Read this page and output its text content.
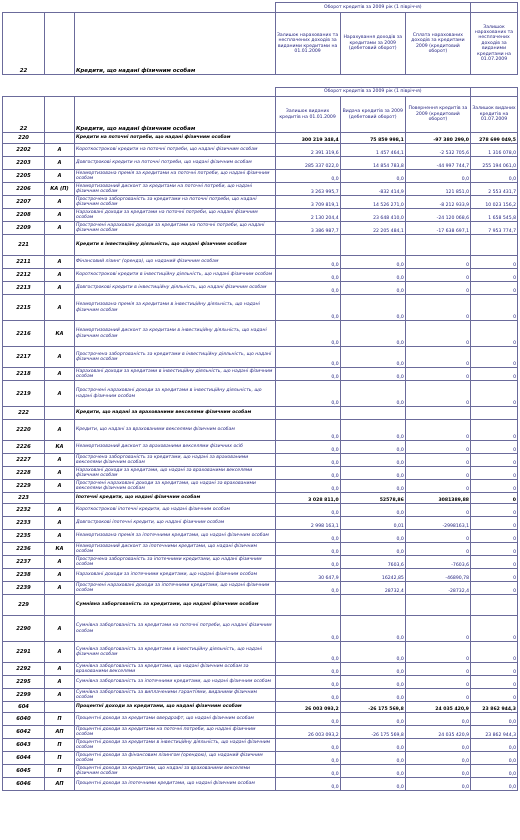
			Оборот кредитів за 2009 рік (1 півріччя)			
22		Кредити, що надані фізичним особам	Залишок нарахованих та несплачених доходів за виданими кредитами на 01.01.2009	Нарахування доходів за кредитами за 2009 (дебетовий оборот)	Сплата нарахованих доходів за кредитами 2009 (кредитовий оборот)	Залишок нарахованих та несплачених доходів за виданими кредитами на 01.07.2009
			Оборот кредитів за 2009 рік (1 півріччя)			
22		Кредити, що надані фізичним особам	Залишок виданих кредитів на 01.01.2009	Видача кредитів за 2009 (дебетовий оборот)	Повернення кредитів за 2009 (кредитовий оборот)	Залишок виданих кредитів на 01.07.2009
220		Кредити на поточні потреби, що надані фізичним особам	300 219 348,4	75 859 998,1	-97 380 299,0	278 699 049,5
2202	А	Короткострокові кредити на поточні потреби, що надані фізичним особам	2 391 319,6	1 457 464,1	-2 532 705,6	1 316 078,0
2203	А	Довгострокові кредити на поточні потреби, що надані фізичним особам	285 337 022,0	14 854 783,8	-44 997 744,7	255 194 061,0
2205	А	Неамортизована премія за кредитами на поточні потреби, що надані фізичним особам	0,0	0,0	0,0	0,0
2206	КА (П)	Неамортизований дисконт за кредитами на поточні потреби, що надані фізичним особам	3 263 995,7	-832 414,9	121 851,0	2 553 431,7
2207	А	Прострочена заборгованість за кредитами на поточні потреби, що надані фізичним особам	3 709 819,1	14 526 271,0	-8 212 933,9	10 023 156,2
2208	А	Нараховані доходи за кредитами на поточні потреби, що надані фізичним особам	2 130 204,4	23 648 410,0	-24 120 068,6	1 658 545,8
2209	А	Прострочені нараховані доходи за кредитами на поточні потреби, що надані фізичним особам	3 386 987,7	22 205 484,1	-17 638 697,1	7 953 774,7
221		Кредити в інвестиційну діяльність, що надані фізичним особам				
2211	А	Фінансовий лізинг (оренда), що наданий фізичним особам	0,0	0,0	0	0
2212	А	Короткострокові кредити в інвестиційну діяльність, що надані фізичним особам	0,0	0,0	0	0
2213	А	Довгострокові кредити в інвестиційну діяльність, що надані фізичним особам	0,0	0,0	0	0
2215	А	Неамортизована премія за кредитами в інвестиційну діяльність, що надані фізичним особам	0,0	0,0	0	0
2216	КА	Неамортизований дисконт за кредитами в інвестиційну діяльність, що надані фізичним особам	0,0	0,0	0	0
2217	А	Прострочена заборгованість за кредитами в інвестиційну діяльність, що надані фізичним особам	0,0	0,0	0	0
2218	А	Нараховані доходи за кредитами в інвестиційну діяльність, що надані фізичним особам	0,0	0,0	0	0
2219	А	Прострочені нараховані доходи за кредитами в інвестиційну діяльність, що надані фізичним особам	0,0	0,0	0	0
222		Кредити, що надані за врахованими векселями фізичним особам				
2220	А	Кредити, що надані за врахованими векселями фізичним особам	0,0	0,0	0	0
2226	КА	Неамортизований дисконт за врахованими векселями фізичних осіб	0,0	0,0	0	0
2227	А	Прострочена заборгованість за кредитами, що надані за врахованими векселями фізичним особам	0,0	0,0	0	0
2228	А	Нараховані доходи за кредитами, що надані за врахованими векселями фізичним особам	0,0	0,0	0	0
2229	А	Прострочені нараховані доходи за кредитами, що надані за врахованими векселями фізичним особам	0,0	0,0	0	0
223		Іпотечні кредити, що надані фізичним особам	3 028 811,0	52578,86	3081389,88	0
2232	А	Короткострокові іпотечні кредити, що надані фізичним особам	0,0	0,0	0	0
2233	А	Довгострокові іпотечні кредити, що надані фізичним особам	2 998 163,1	0,01	-2998163,1	0
2235	А	Неамортизована премія за іпотечними кредитами, що надані фізичним особам	0,0	0,0	0	0
2236	КА	Неамортизований дисконт за іпотечними кредитами, що надані фізичним особам	0,0	0,0	0	0
2237	А	Прострочена заборгованість за іпотечними кредитами, що надані фізичним особам	0,0	7603,6	-7603,6	0
2238	А	Нараховані доходи за іпотечними кредитами, що надані фізичним особам	30 647,9	16242,85	-46890,78	0
2239	А	Прострочені нараховані доходи за іпотечними кредитами, що надані фізичним особам	0,0	28732,4	-28732,4	0
229		Сумнівна заборгованість за кредитами, що надані фізичним особам				
2290	А	Сумнівна заборгованість за кредитами на поточні потреби, що надані фізичним особам	0,0	0,0	0	0
2291	А	Сумнівна заборгованість за кредитами в інвестиційну діяльність, що надані фізичним особам	0,0	0,0	0	0
2292	А	Сумнівна заборгованість за кредитами, що надані фізичним особам за врахованими векселями	0,0	0,0	0	0
2295	А	Сумнівна заборгованість за іпотечними кредитами, що надані фізичним особам	0,0	0,0	0	0
2299	А	Сумнівна заборгованість за виплаченими гарантіями, виданими фізичним особам	0,0	0,0	0	0
604		Процентні доходи за кредитами, що надані фізичним особам	26 003 093,2	-26 175 569,8	24 035 420,9	23 862 944,3
6040	П	Процентні доходи за кредитами овердрафт, що надані фізичним особам	0,0	0,0	0,0	0,0
6042	АП	Процентні доходи за кредитами на поточні потреби, що надані фізичним особам	26 003 093,2	-26 175 569,8	24 035 420,9	23 862 944,3
6043	П	Процентні доходи за кредитами в інвестиційну діяльність, що надані фізичним особам	0,0	0,0	0,0	0,0
6044	П	Процентні доходи за фінансовим лізингом (орендою), що наданий фізичним особам	0,0	0,0	0,0	0,0
6045	П	Процентні доходи за кредитами, що надані за врахованими векселями фізичним особам	0,0	0,0	0,0	0,0
6046	АП	Процентні доходи за іпотечними кредитами, що надані фізичним особам	0,0	0,0	0,0	0,0
